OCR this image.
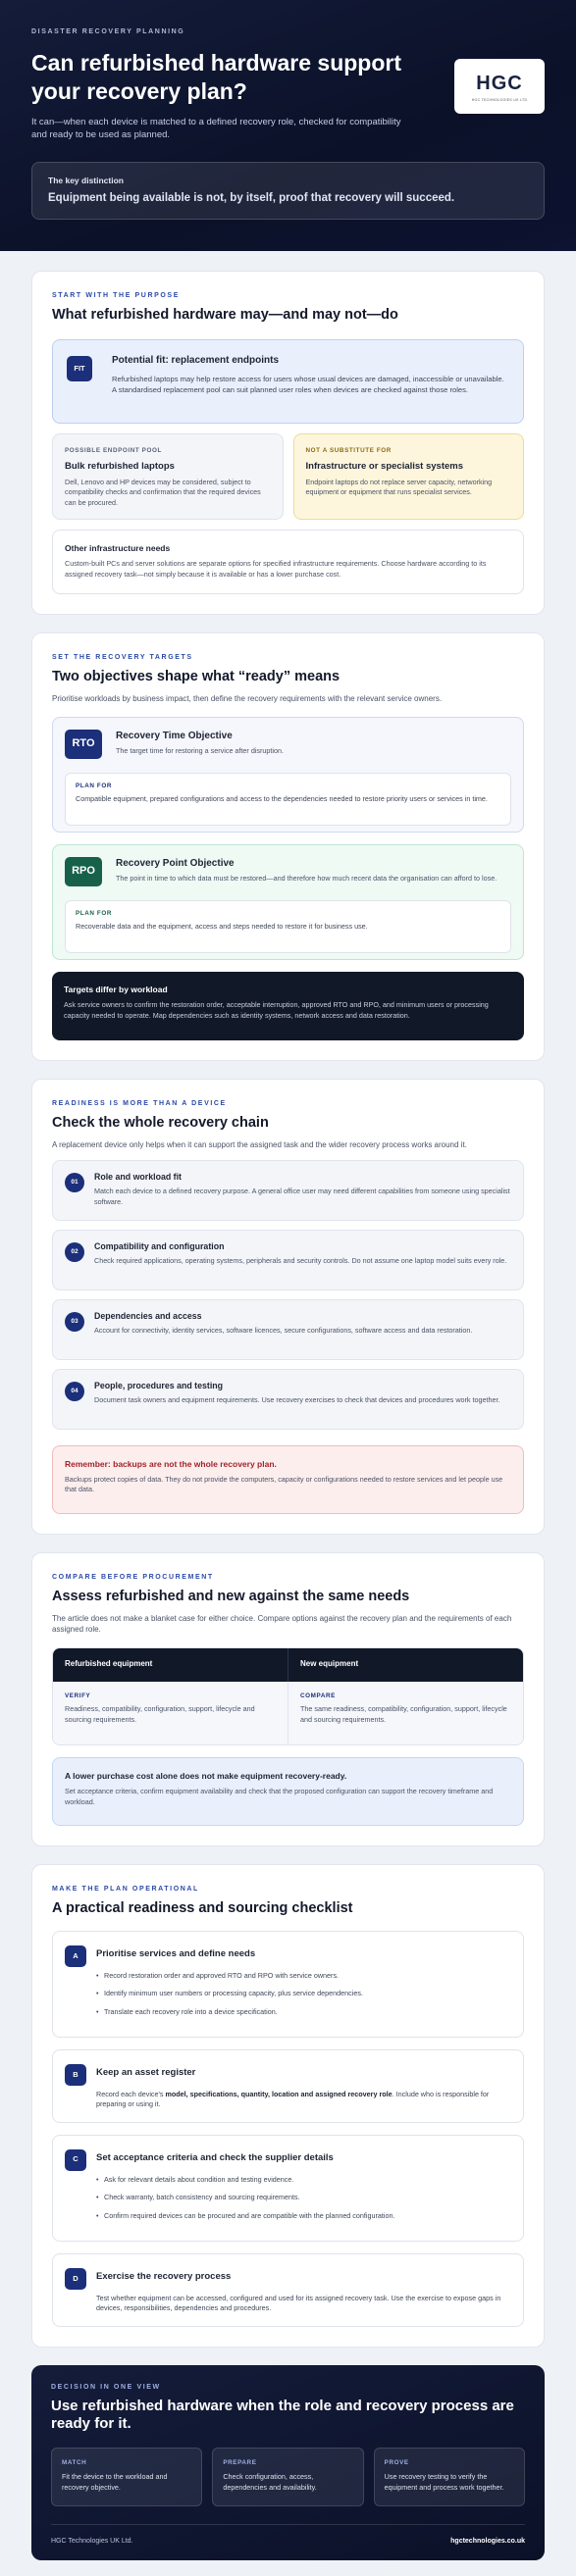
DISASTER RECOVERY PLANNING
Can refurbished hardware support your recovery plan?

It can—when each device is matched to a defined recovery role, checked for compatibility and ready to be used as planned.

HGC
HGC TECHNOLOGIES UK LTD
The key distinction
Equipment being available is not, by itself, proof that recovery will succeed.
START WITH THE PURPOSE
What refurbished hardware may—and may not—do
FIT
Potential fit: replacement endpoints

Refurbished laptops may help restore access for users whose usual devices are damaged, inaccessible or unavailable. A standardised replacement pool can suit planned user roles when devices are checked against those roles.

POSSIBLE ENDPOINT POOL
Bulk refurbished laptops

Dell, Lenovo and HP devices may be considered, subject to compatibility checks and confirmation that the required devices can be procured.

NOT A SUBSTITUTE FOR
Infrastructure or specialist systems

Endpoint laptops do not replace server capacity, networking equipment or equipment that runs specialist services.

Other infrastructure needs

Custom-built PCs and server solutions are separate options for specified infrastructure requirements. Choose hardware according to its assigned recovery task—not simply because it is available or has a lower purchase cost.

SET THE RECOVERY TARGETS
Two objectives shape what “ready” means

Prioritise workloads by business impact, then define the recovery requirements with the relevant service owners.

RTO
Recovery Time Objective

The target time for restoring a service after disruption.

PLAN FOR

Compatible equipment, prepared configurations and access to the dependencies needed to restore priority users or services in time.

RPO
Recovery Point Objective

The point in time to which data must be restored—and therefore how much recent data the organisation can afford to lose.

PLAN FOR

Recoverable data and the equipment, access and steps needed to restore it for business use.

Targets differ by workload

Ask service owners to confirm the restoration order, acceptable interruption, approved RTO and RPO, and minimum users or processing capacity needed to operate. Map dependencies such as identity systems, network access and data restoration.

READINESS IS MORE THAN A DEVICE
Check the whole recovery chain

A replacement device only helps when it can support the assigned task and the wider recovery process works around it.

01
Role and workload fit

Match each device to a defined recovery purpose. A general office user may need different capabilities from someone using specialist software.

02
Compatibility and configuration

Check required applications, operating systems, peripherals and security controls. Do not assume one laptop model suits every role.

03
Dependencies and access

Account for connectivity, identity services, software licences, secure configurations, software access and data restoration.

04
People, procedures and testing

Document task owners and equipment requirements. Use recovery exercises to check that devices and procedures work together.

Remember: backups are not the whole recovery plan.

Backups protect copies of data. They do not provide the computers, capacity or configurations needed to restore services and let people use that data.

COMPARE BEFORE PROCUREMENT
Assess refurbished and new against the same needs

The article does not make a blanket case for either choice. Compare options against the recovery plan and the requirements of each assigned role.

Refurbished equipment	New equipment
VERIFY

Readiness, compatibility, configuration, support, lifecycle and sourcing requirements.

COMPARE

The same readiness, compatibility, configuration, support, lifecycle and sourcing requirements.

A lower purchase cost alone does not make equipment recovery-ready.

Set acceptance criteria, confirm equipment availability and check that the proposed configuration can support the recovery timeframe and workload.

MAKE THE PLAN OPERATIONAL
A practical readiness and sourcing checklist
A	Prioritise services and define needs
• Record restoration order and approved RTO and RPO with service owners.
• Identify minimum user numbers or processing capacity, plus service dependencies.
• Translate each recovery role into a device specification.
B	Keep an asset register

Record each device's model, specifications, quantity, location and assigned recovery role. Include who is responsible for preparing or using it.

C	Set acceptance criteria and check the supplier details
• Ask for relevant details about condition and testing evidence.
• Check warranty, batch consistency and sourcing requirements.
• Confirm required devices can be procured and are compatible with the planned configuration.
D	Exercise the recovery process

Test whether equipment can be accessed, configured and used for its assigned recovery task. Use the exercise to expose gaps in devices, responsibilities, dependencies and procedures.

DECISION IN ONE VIEW
Use refurbished hardware when the role and recovery process are ready for it.
MATCH

Fit the device to the workload and recovery objective.

PREPARE

Check configuration, access, dependencies and availability.

PROVE

Use recovery testing to verify the equipment and process work together.

HGC Technologies UK Ltd.	hgctechnologies.co.uk
